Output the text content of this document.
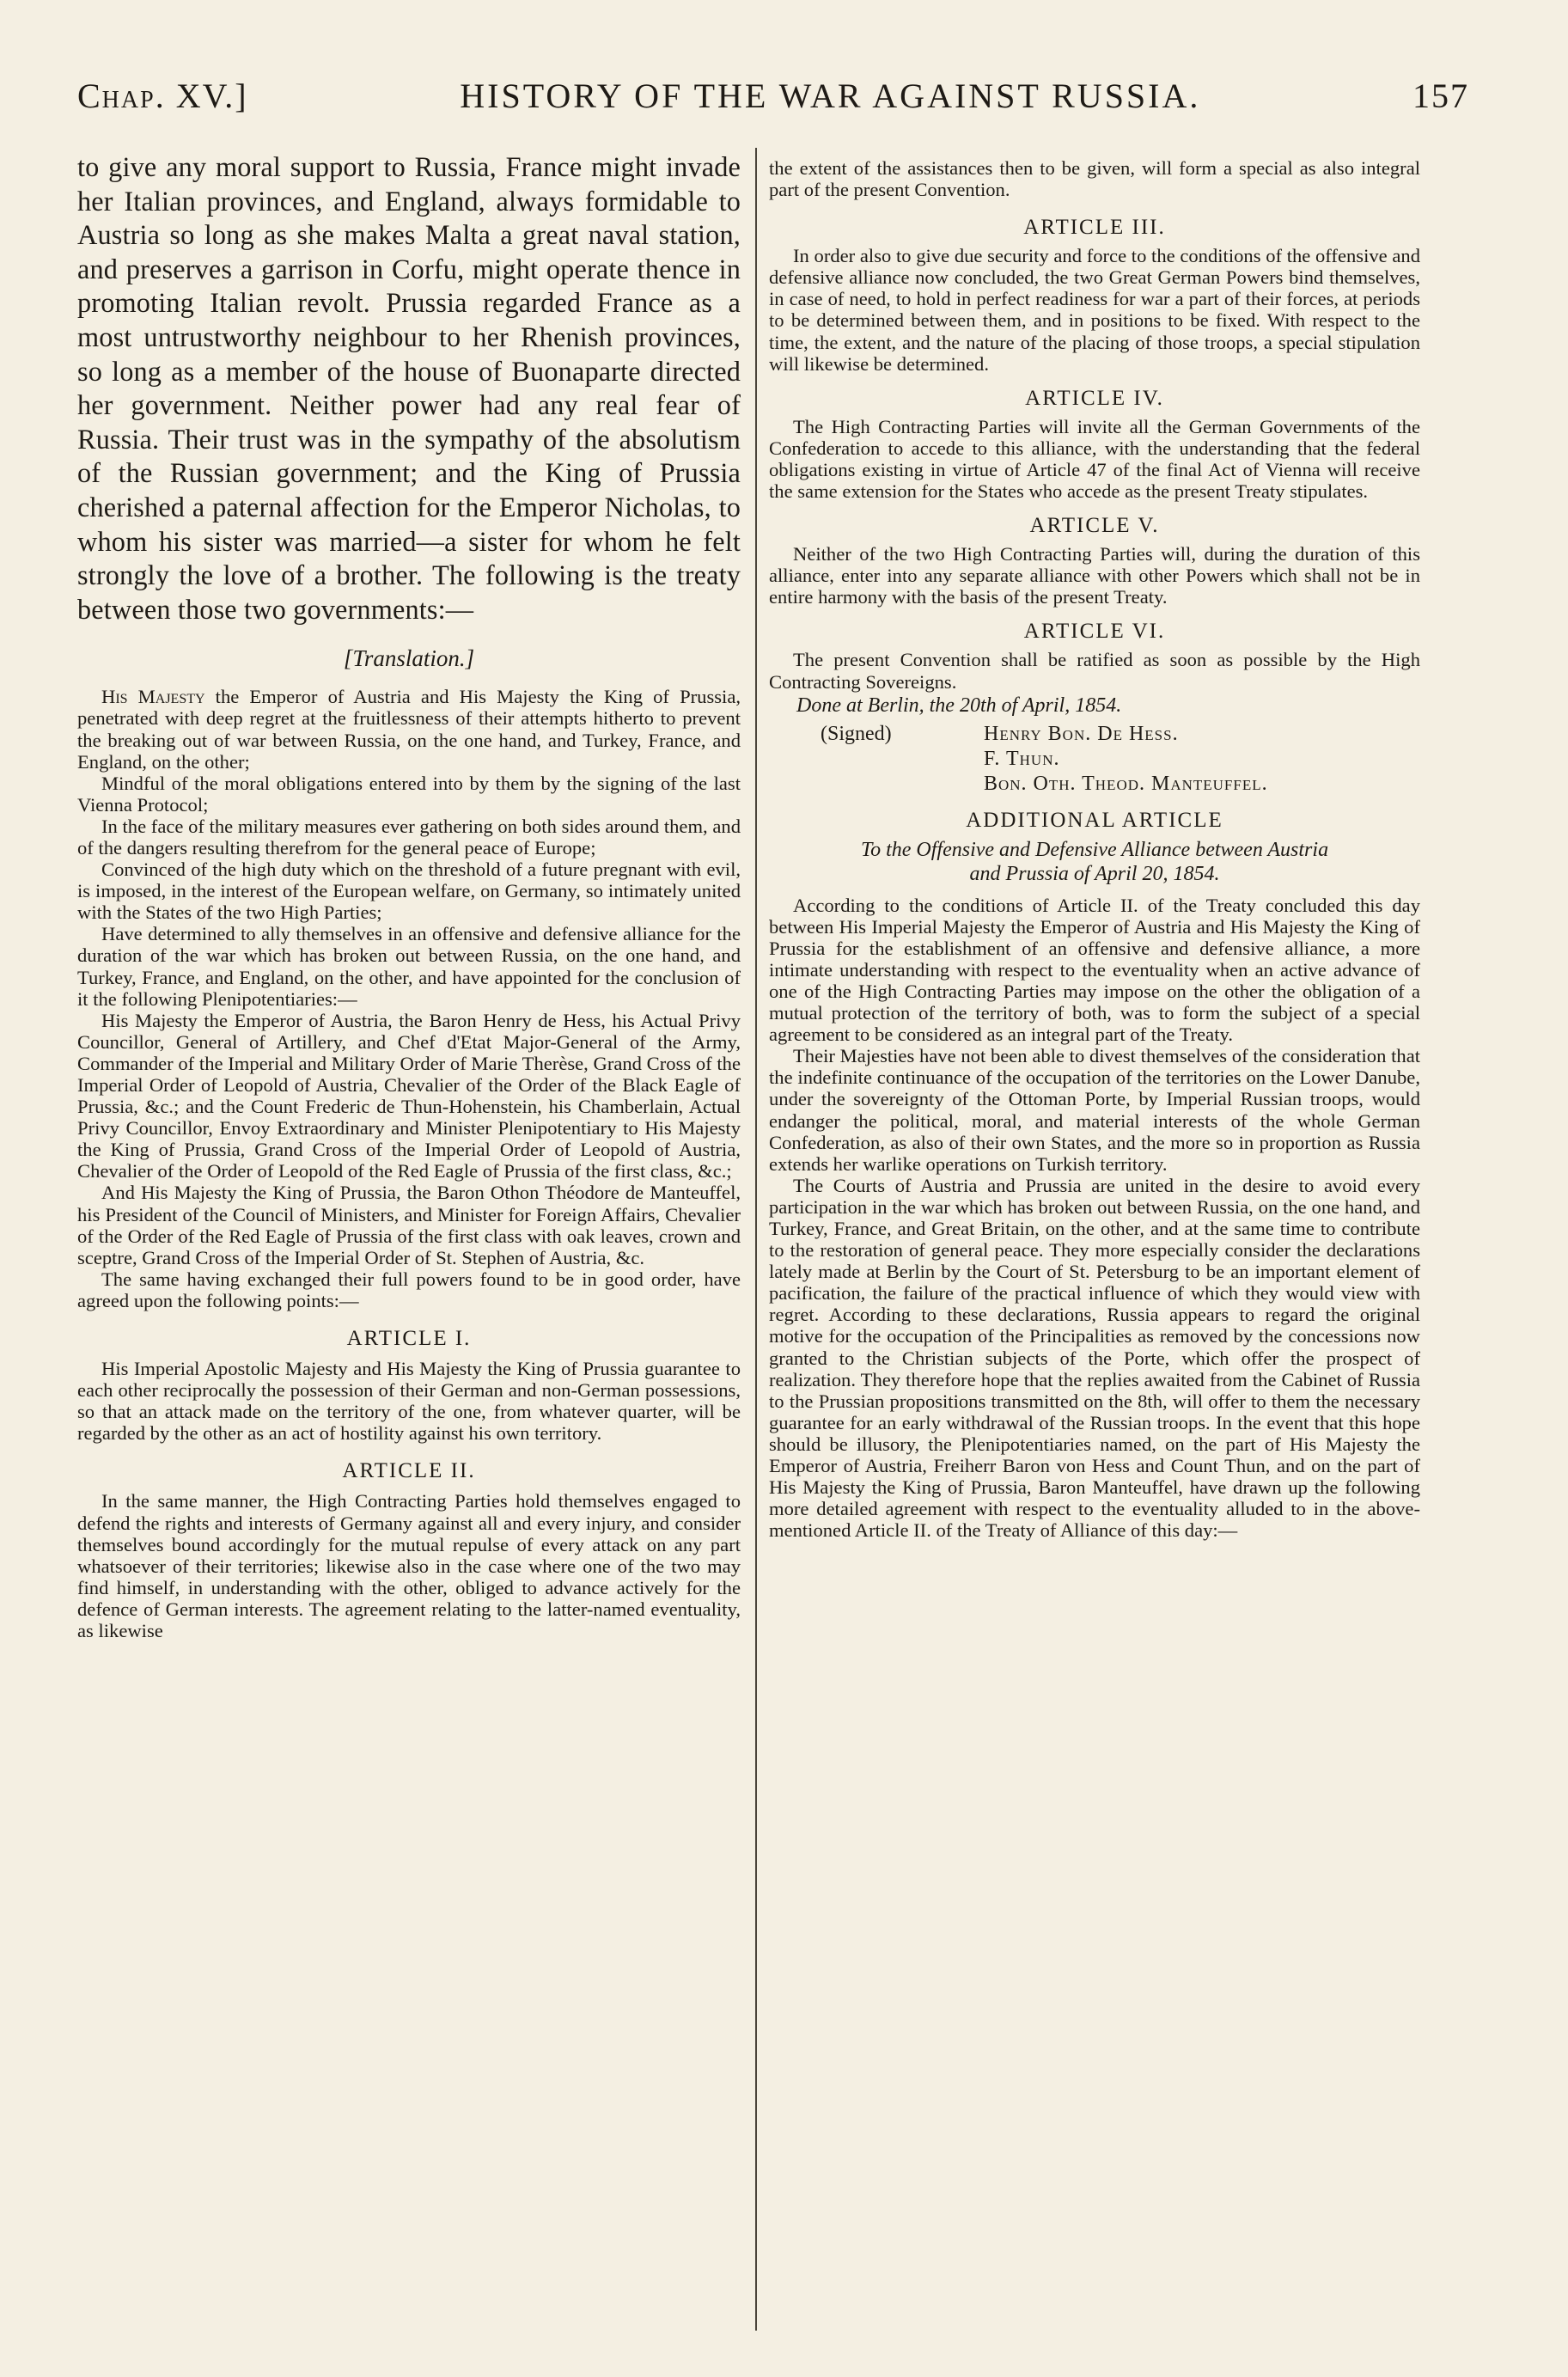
Chap. XV.]	HISTORY OF THE WAR AGAINST RUSSIA.	157

to give any moral support to Russia, France might invade her Italian provinces, and England, always formidable to Austria so long as she makes Malta a great naval station, and preserves a garrison in Corfu, might operate thence in promoting Italian revolt. Prussia regarded France as a most untrustworthy neighbour to her Rhenish provinces, so long as a member of the house of Buonaparte directed her government. Neither power had any real fear of Russia. Their trust was in the sympathy of the absolutism of the Russian government; and the King of Prussia cherished a paternal affection for the Emperor Nicholas, to whom his sister was married—a sister for whom he felt strongly the love of a brother. The following is the treaty between those two governments:—

[Translation.]

His Majesty the Emperor of Austria and His Majesty the King of Prussia, penetrated with deep regret at the fruitlessness of their attempts hitherto to prevent the breaking out of war between Russia, on the one hand, and Turkey, France, and England, on the other;

Mindful of the moral obligations entered into by them by the signing of the last Vienna Protocol;

In the face of the military measures ever gathering on both sides around them, and of the dangers resulting therefrom for the general peace of Europe;

Convinced of the high duty which on the threshold of a future pregnant with evil, is imposed, in the interest of the European welfare, on Germany, so intimately united with the States of the two High Parties;

Have determined to ally themselves in an offensive and defensive alliance for the duration of the war which has broken out between Russia, on the one hand, and Turkey, France, and England, on the other, and have appointed for the conclusion of it the following Plenipotentiaries:—

His Majesty the Emperor of Austria, the Baron Henry de Hess, his Actual Privy Councillor, General of Artillery, and Chef d'Etat Major-General of the Army, Commander of the Imperial and Military Order of Marie Therèse, Grand Cross of the Imperial Order of Leopold of Austria, Chevalier of the Order of the Black Eagle of Prussia, &c.; and the Count Frederic de Thun-Hohenstein, his Chamberlain, Actual Privy Councillor, Envoy Extraordinary and Minister Plenipotentiary to His Majesty the King of Prussia, Grand Cross of the Imperial Order of Leopold of Austria, Chevalier of the Order of Leopold of the Red Eagle of Prussia of the first class, &c.;

And His Majesty the King of Prussia, the Baron Othon Théodore de Manteuffel, his President of the Council of Ministers, and Minister for Foreign Affairs, Chevalier of the Order of the Red Eagle of Prussia of the first class with oak leaves, crown and sceptre, Grand Cross of the Imperial Order of St. Stephen of Austria, &c.

The same having exchanged their full powers found to be in good order, have agreed upon the following points:—

ARTICLE I.

His Imperial Apostolic Majesty and His Majesty the King of Prussia guarantee to each other reciprocally the possession of their German and non-German possessions, so that an attack made on the territory of the one, from whatever quarter, will be regarded by the other as an act of hostility against his own territory.

ARTICLE II.

In the same manner, the High Contracting Parties hold themselves engaged to defend the rights and interests of Germany against all and every injury, and consider themselves bound accordingly for the mutual repulse of every attack on any part whatsoever of their territories; likewise also in the case where one of the two may find himself, in understanding with the other, obliged to advance actively for the defence of German interests. The agreement relating to the latter-named eventuality, as likewise

the extent of the assistances then to be given, will form a special as also integral part of the present Convention.

ARTICLE III.

In order also to give due security and force to the conditions of the offensive and defensive alliance now concluded, the two Great German Powers bind themselves, in case of need, to hold in perfect readiness for war a part of their forces, at periods to be determined between them, and in positions to be fixed. With respect to the time, the extent, and the nature of the placing of those troops, a special stipulation will likewise be determined.

ARTICLE IV.

The High Contracting Parties will invite all the German Governments of the Confederation to accede to this alliance, with the understanding that the federal obligations existing in virtue of Article 47 of the final Act of Vienna will receive the same extension for the States who accede as the present Treaty stipulates.

ARTICLE V.

Neither of the two High Contracting Parties will, during the duration of this alliance, enter into any separate alliance with other Powers which shall not be in entire harmony with the basis of the present Treaty.

ARTICLE VI.

The present Convention shall be ratified as soon as possible by the High Contracting Sovereigns.

Done at Berlin, the 20th of April, 1854.

(Signed)	Henry Bon. De Hess.
F. Thun.
Bon. Oth. Theod. Manteuffel.
ADDITIONAL ARTICLE
To the Offensive and Defensive Alliance between Austria
and Prussia of April 20, 1854.

According to the conditions of Article II. of the Treaty concluded this day between His Imperial Majesty the Emperor of Austria and His Majesty the King of Prussia for the establishment of an offensive and defensive alliance, a more intimate understanding with respect to the eventuality when an active advance of one of the High Contracting Parties may impose on the other the obligation of a mutual protection of the territory of both, was to form the subject of a special agreement to be considered as an integral part of the Treaty.

Their Majesties have not been able to divest themselves of the consideration that the indefinite continuance of the occupation of the territories on the Lower Danube, under the sovereignty of the Ottoman Porte, by Imperial Russian troops, would endanger the political, moral, and material interests of the whole German Confederation, as also of their own States, and the more so in proportion as Russia extends her warlike operations on Turkish territory.

The Courts of Austria and Prussia are united in the desire to avoid every participation in the war which has broken out between Russia, on the one hand, and Turkey, France, and Great Britain, on the other, and at the same time to contribute to the restoration of general peace. They more especially consider the declarations lately made at Berlin by the Court of St. Petersburg to be an important element of pacification, the failure of the practical influence of which they would view with regret. According to these declarations, Russia appears to regard the original motive for the occupation of the Principalities as removed by the concessions now granted to the Christian subjects of the Porte, which offer the prospect of realization. They therefore hope that the replies awaited from the Cabinet of Russia to the Prussian propositions transmitted on the 8th, will offer to them the necessary guarantee for an early withdrawal of the Russian troops. In the event that this hope should be illusory, the Plenipotentiaries named, on the part of His Majesty the Emperor of Austria, Freiherr Baron von Hess and Count Thun, and on the part of His Majesty the King of Prussia, Baron Manteuffel, have drawn up the following more detailed agreement with respect to the eventuality alluded to in the above-mentioned Article II. of the Treaty of Alliance of this day:—
